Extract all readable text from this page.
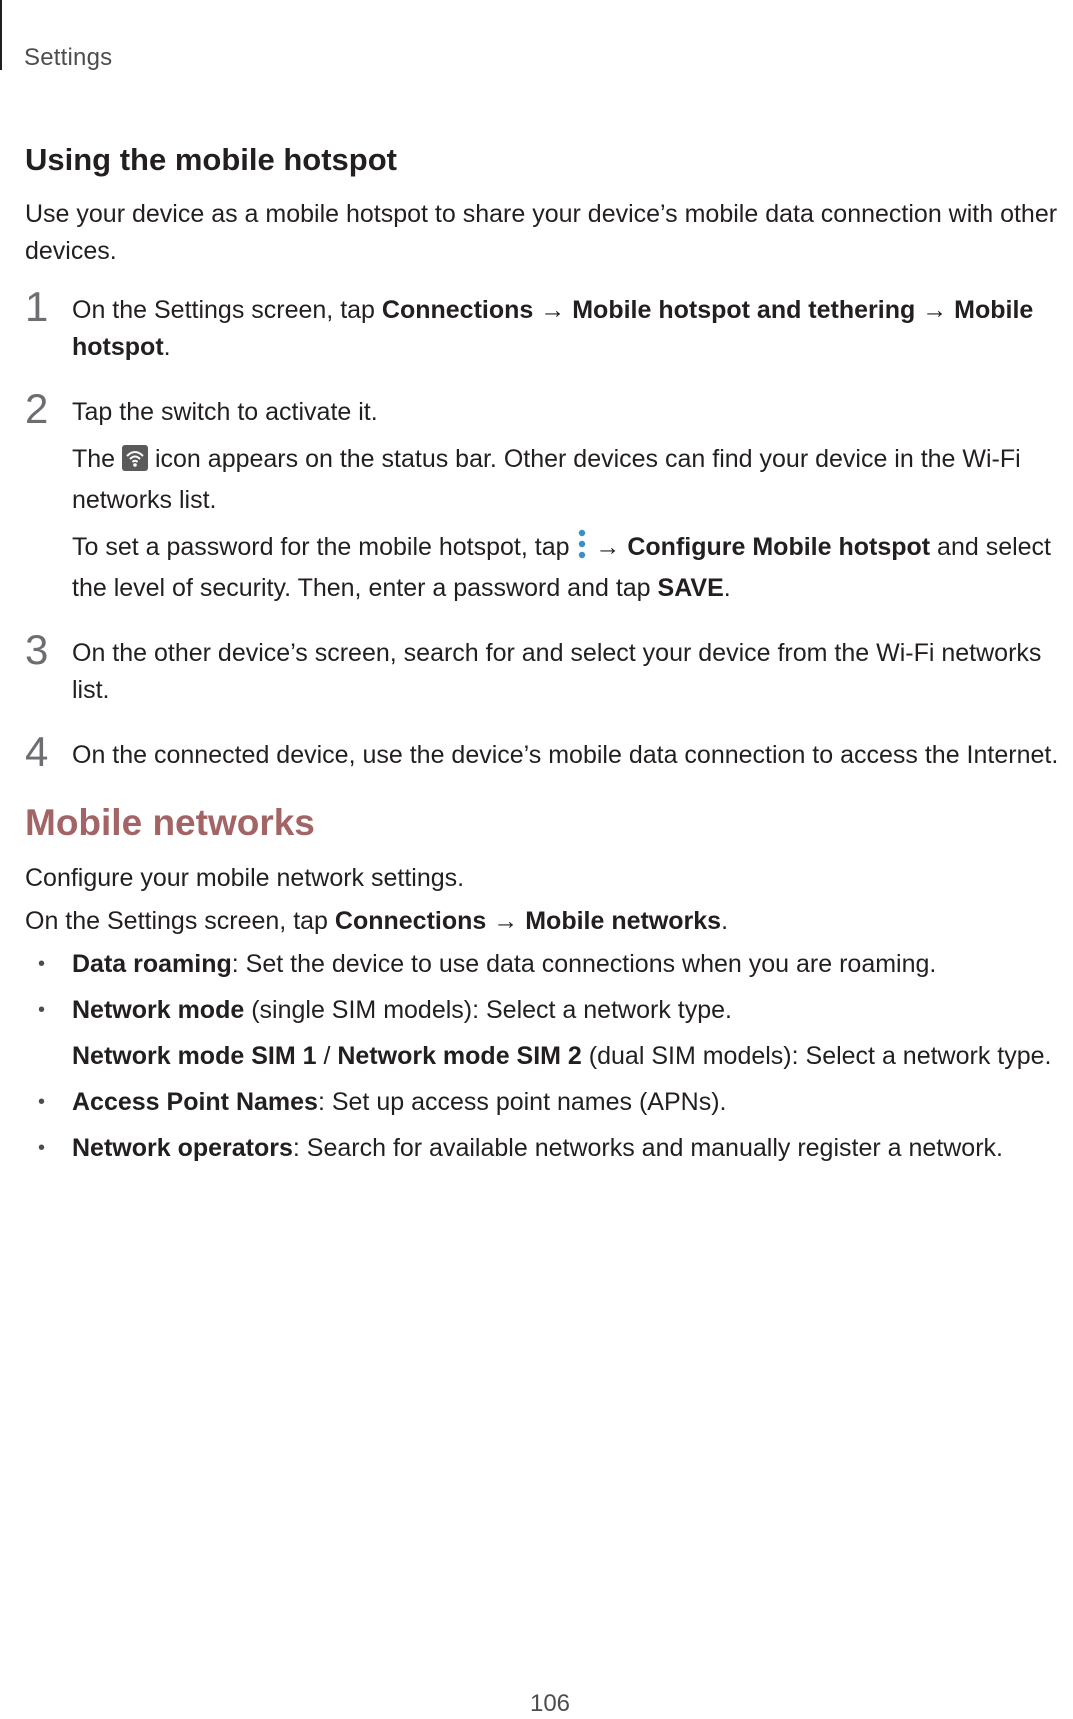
Settings
Using the mobile hotspot

Use your device as a mobile hotspot to share your device’s mobile data connection with other devices.

1 On the Settings screen, tap Connections → Mobile hotspot and tethering → Mobile hotspot.

2 Tap the switch to activate it.

The  icon appears on the status bar. Other devices can find your device in the Wi-Fi networks list.

To set a password for the mobile hotspot, tap  → Configure Mobile hotspot and select the level of security. Then, enter a password and tap SAVE.

3 On the other device’s screen, search for and select your device from the Wi-Fi networks list.

4 On the connected device, use the device’s mobile data connection to access the Internet.

Mobile networks

Configure your mobile network settings.

On the Settings screen, tap Connections → Mobile networks.

• Data roaming: Set the device to use data connections when you are roaming.
• Network mode (single SIM models): Select a network type.
Network mode SIM 1 / Network mode SIM 2 (dual SIM models): Select a network type.
• Access Point Names: Set up access point names (APNs).
• Network operators: Search for available networks and manually register a network.
106
